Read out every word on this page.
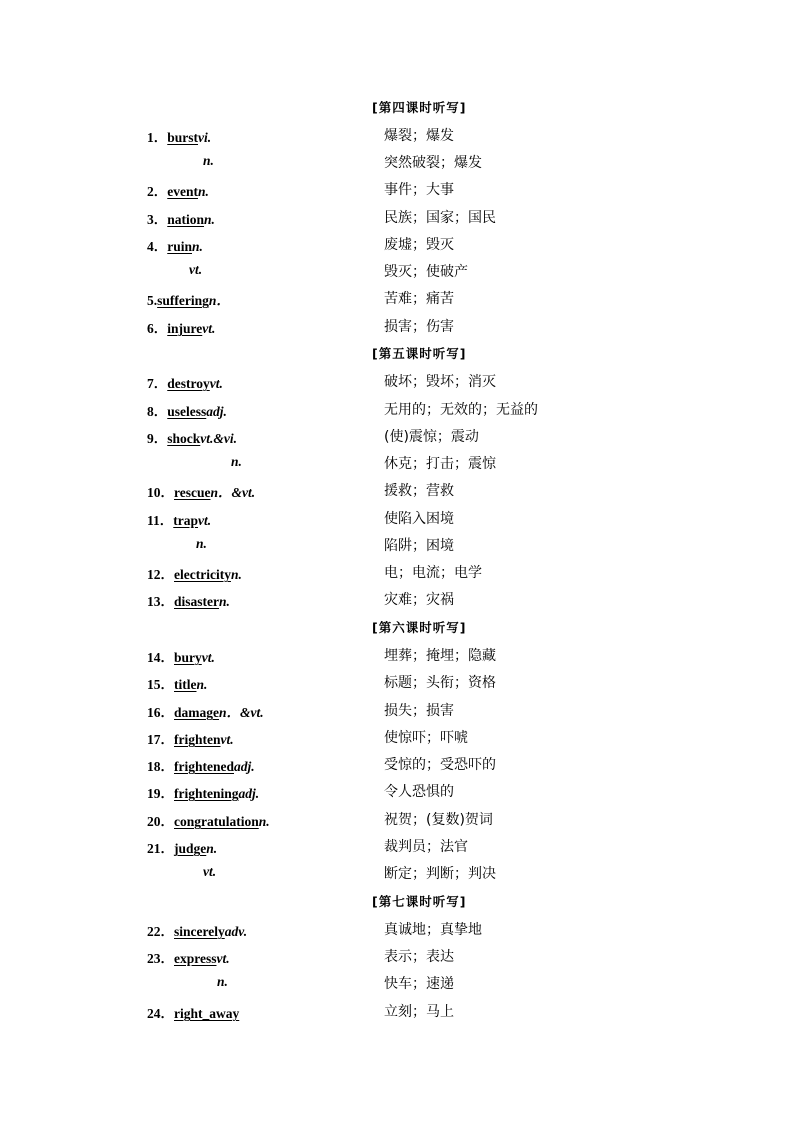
[第四课时听写]
[第五课时听写]
[第六课时听写]
[第七课时听写]
1．burstvi.	爆裂；爆发
n.	突然破裂；爆发
2．eventn.	事件；大事
3．nationn.	民族；国家；国民
4．ruinn.	废墟；毁灭
vt.	毁灭；使破产
5.sufferingn．	苦难；痛苦
6．injurevt.	损害；伤害
7．destroyvt.	破坏；毁坏；消灭
8．uselessadj.	无用的；无效的；无益的
9．shockvt.&vi.	(使)震惊；震动
n.	休克；打击；震惊
10．rescuen．&vt.	援救；营救
11．trapvt.	使陷入困境
n.	陷阱；困境
12．electricityn.	电；电流；电学
13．disastern.	灾难；灾祸
14．buryvt.	埋葬；掩埋；隐藏
15．titlen.	标题；头衔；资格
16．damagen．&vt.	损失；损害
17．frightenvt.	使惊吓；吓唬
18．frightenedadj.	受惊的；受恐吓的
19．frighteningadj.	令人恐惧的
20．congratulationn.	祝贺；(复数)贺词
21．judgen.	裁判员；法官
vt.	断定；判断；判决
22．sincerelyadv.	真诚地；真挚地
23．expressvt.	表示；表达
n.	快车；速递
24．right_away	立刻；马上
